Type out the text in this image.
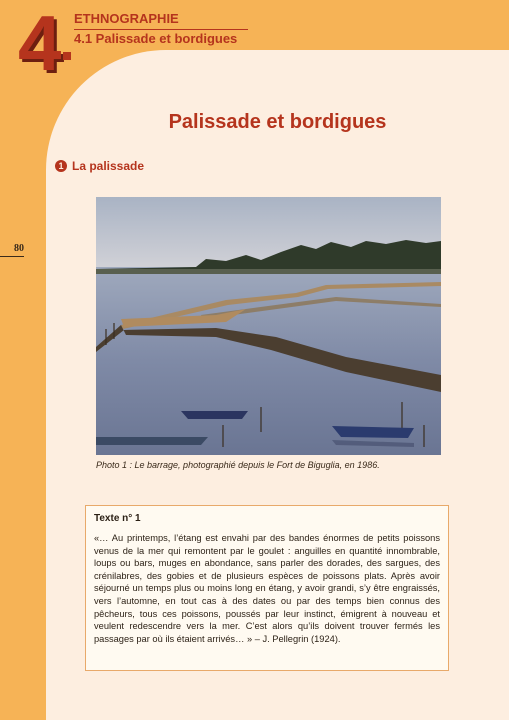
4 ETHNOGRAPHIE
4.1 Palissade et bordigues
80
Palissade et bordigues
1 La palissade
Photo 1 : Le barrage, photographié depuis le Fort de Biguglia, en 1986.
Texte n° 1
«… Au printemps, l’étang est envahi par des bandes énormes de petits poissons venus de la mer qui remontent par le goulet : anguilles en quantité innombrable, loups ou bars, muges en abondance, sans parler des dorades, des sargues, des crénilabres, des gobies et de plusieurs espèces de poissons plats. Après avoir séjourné un temps plus ou moins long en étang, y avoir grandi, s’y être engraissés, vers l’automne, en tout cas à des dates ou par des temps bien connus des pêcheurs, tous ces poissons, poussés par leur instinct, émigrent à nouveau et veulent redescendre vers la mer. C’est alors qu’ils doivent trouver fermés les passages par où ils étaient arrivés… » – J. Pellegrin (1924).
